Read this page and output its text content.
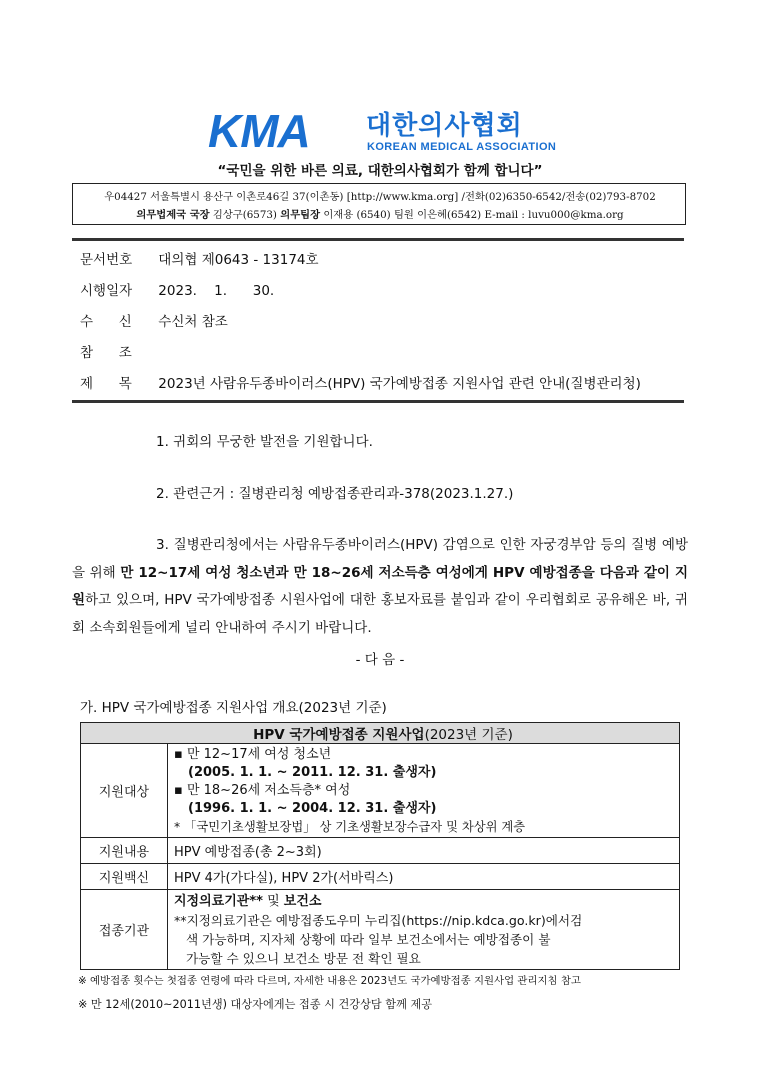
KMA	대한의사협회
KOREAN MEDICAL ASSOCIATION
“국민을 위한 바른 의료, 대한의사협회가 함께 합니다”
우04427 서울특별시 용산구 이촌로46길 37(이촌동) [http://www.kma.org] /전화(02)6350-6542/전송(02)793-8702
의무법제국 국장 김상구(6573) 의무팀장 이재용 (6540) 팀원 이은혜(6542) E-mail : luvu000@kma.org
문서번호 대의협 제0643 - 13174호
시행일자 2023.    1.      30.
수      신 수신처 참조
참      조
제      목 2023년 사람유두종바이러스(HPV) 국가예방접종 지원사업 관련 안내(질병관리청)
1. 귀회의 무궁한 발전을 기원합니다.
2. 관련근거 : 질병관리청 예방접종관리과-378(2023.1.27.)
3. 질병관리청에서는 사람유두종바이러스(HPV) 감염으로 인한 자궁경부암 등의 질병 예방을 위해 만 12~17세 여성 청소년과 만 18~26세 저소득층 여성에게 HPV 예방접종을 다음과 같이 지원하고 있으며, HPV 국가예방접종 시원사업에 대한 홍보자료를 붙임과 같이 우리협회로 공유해온 바, 귀회 소속회원들에게 널리 안내하여 주시기 바랍니다.
- 다 음 -
가. HPV 국가예방접종 지원사업 개요(2023년 기준)
HPV 국가예방접종 지원사업(2023년 기준)	
지원대상	▪ 만 12~17세 여성 청소년
(2005. 1. 1. ~ 2011. 12. 31. 출생자)
▪ 만 18~26세 저소득층* 여성
(1996. 1. 1. ~ 2004. 12. 31. 출생자)
* 「국민기초생활보장법」 상 기초생활보장수급자 및 차상위 계층

지원내용	HPV 예방접종(총 2~3회)
지원백신	HPV 4가(가다실), HPV 2가(서바릭스)
접종기관	지정의료기관** 및 보건소
**지정의료기관은 예방접종도우미 누리집(https://nip.kdca.go.kr)에서검
색 가능하며, 지자체 상황에 따라 일부 보건소에서는 예방접종이 불
가능할 수 있으니 보건소 방문 전 확인 필요
※ 예방접종 횟수는 첫접종 연령에 따라 다르며, 자세한 내용은 2023년도 국가예방접종 지원사업 관리지침 참고
※ 만 12세(2010~2011년생) 대상자에게는 접종 시 건강상담 함께 제공
